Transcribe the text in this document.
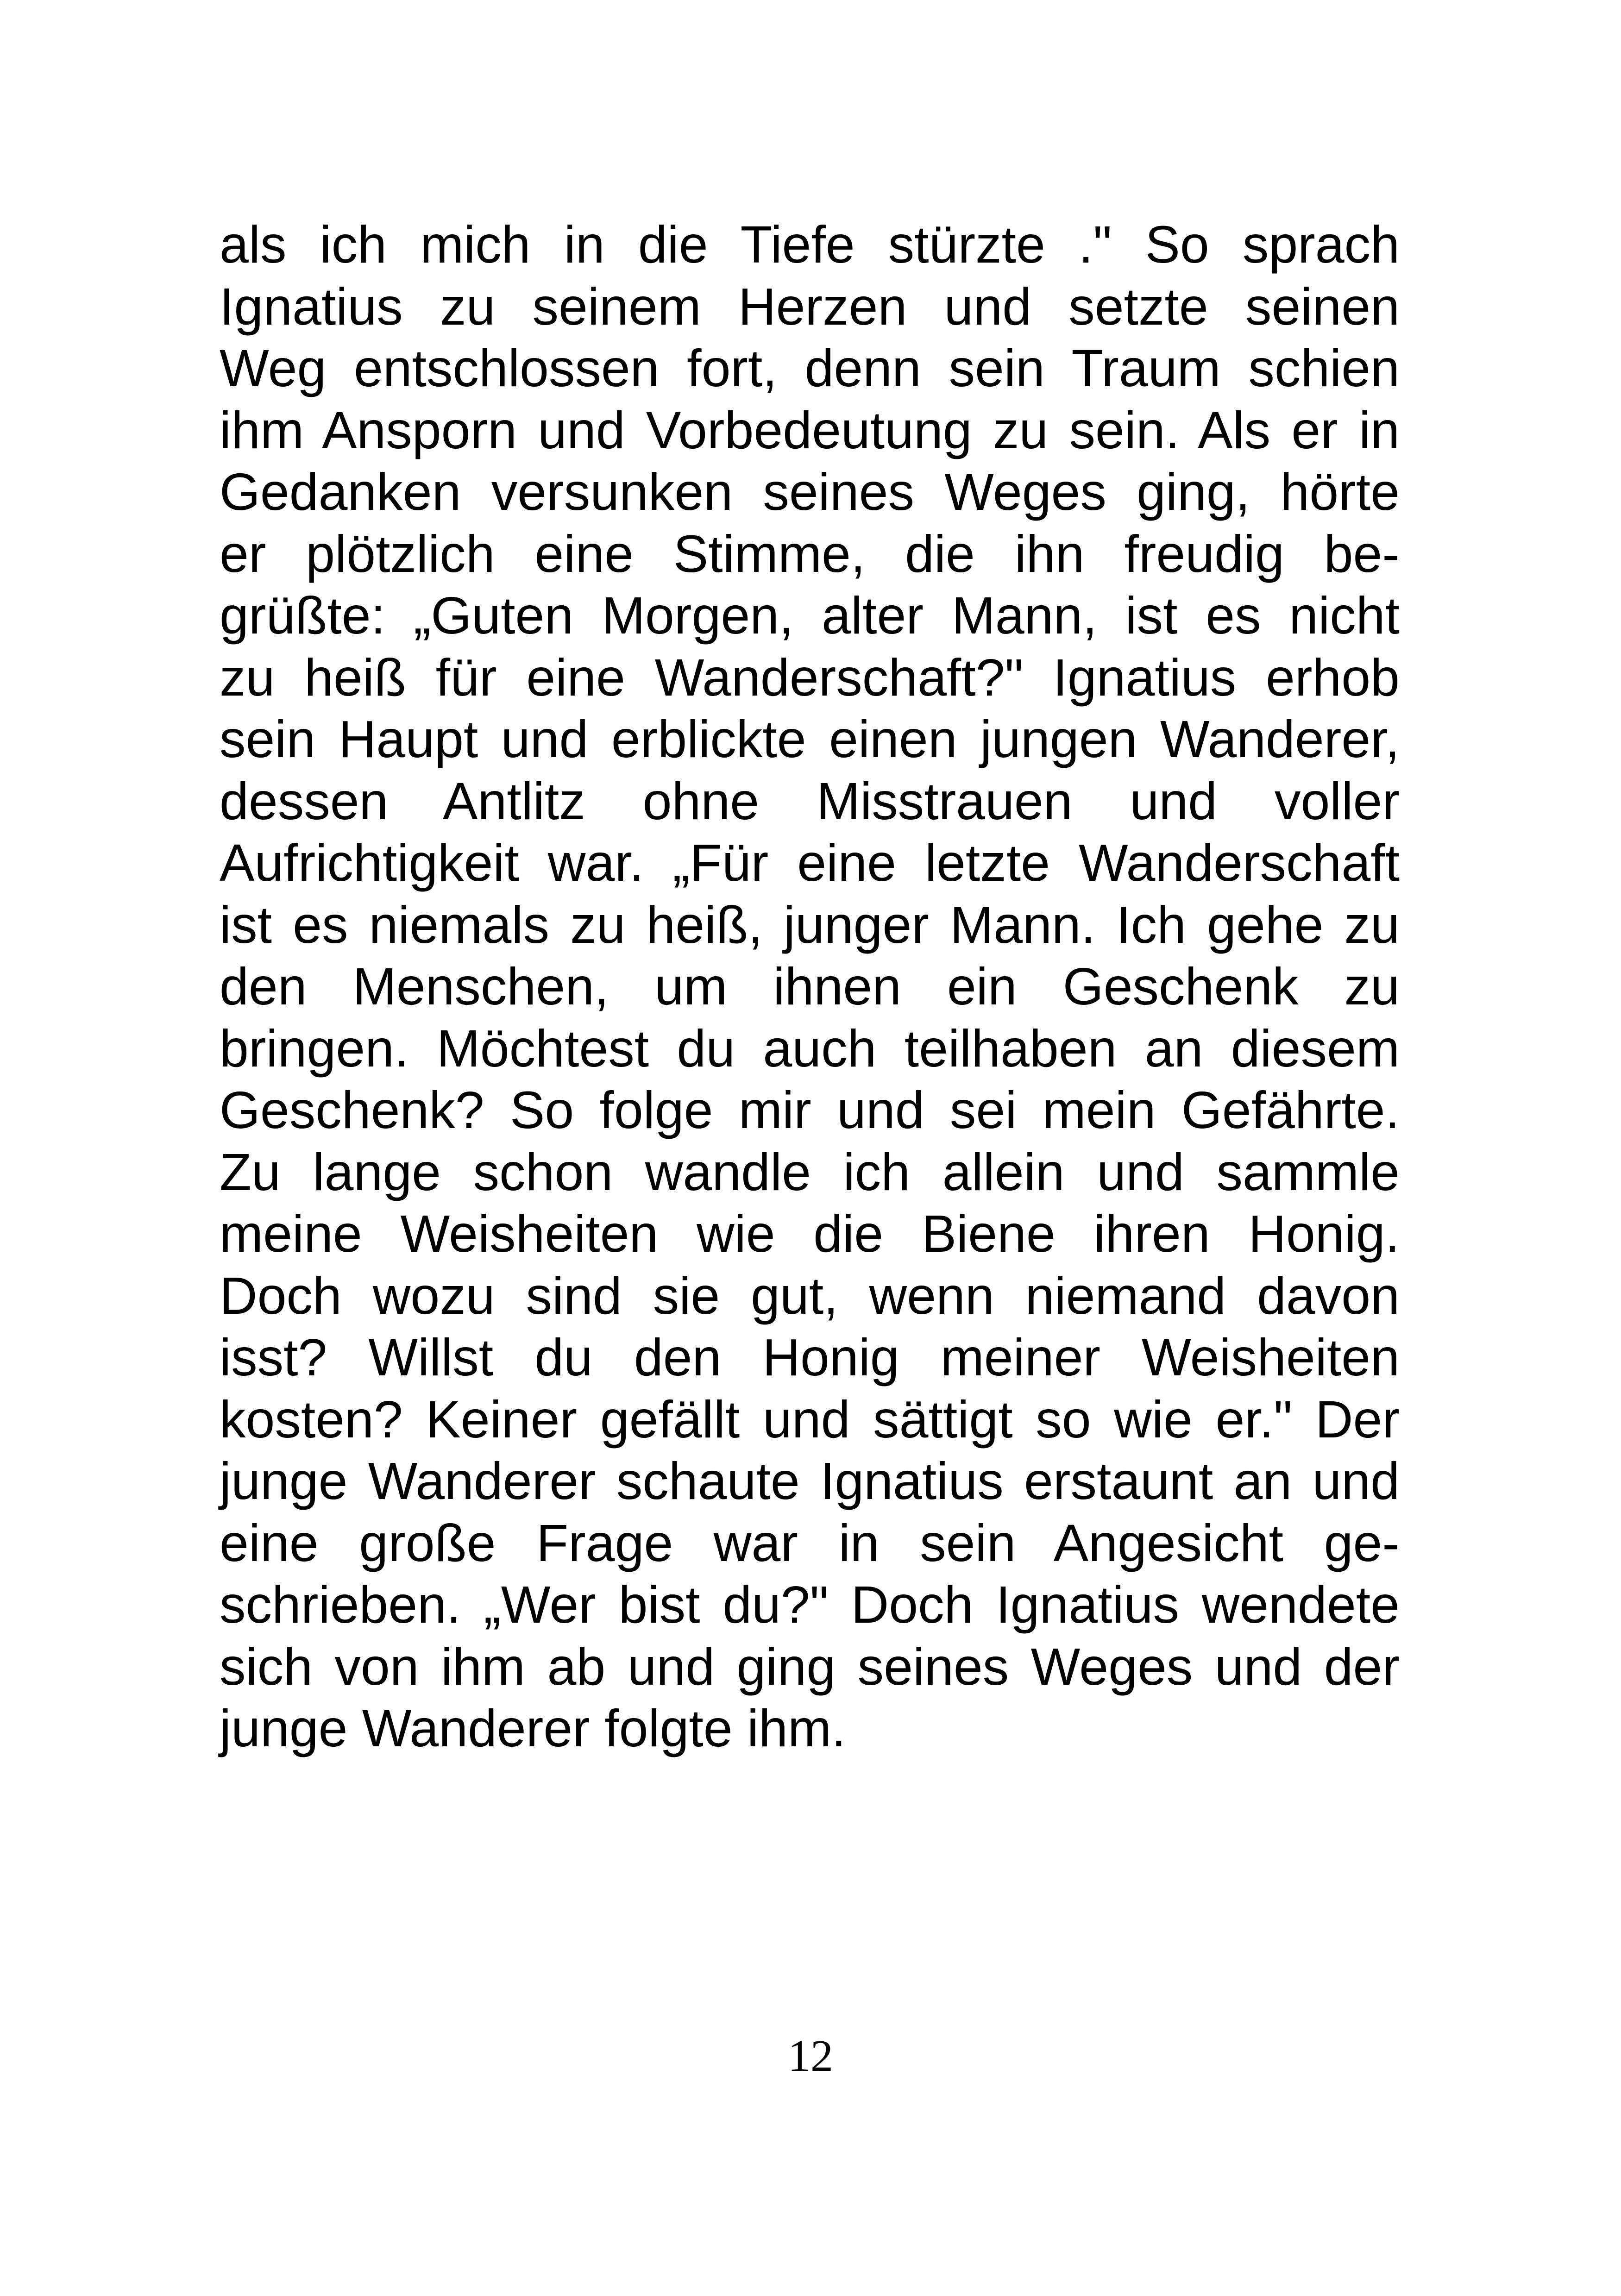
als ich mich in die Tiefe stürzte ." So sprach
Ignatius zu seinem Herzen und setzte seinen
Weg entschlossen fort, denn sein Traum schien
ihm Ansporn und Vorbedeutung zu sein. Als er in
Gedanken versunken seines Weges ging, hörte
er plötzlich eine Stimme, die ihn freudig be-
grüßte: „Guten Morgen, alter Mann, ist es nicht
zu heiß für eine Wanderschaft?" Ignatius erhob
sein Haupt und erblickte einen jungen Wanderer,
dessen Antlitz ohne Misstrauen und voller
Aufrichtigkeit war. „Für eine letzte Wanderschaft
ist es niemals zu heiß, junger Mann. Ich gehe zu
den Menschen, um ihnen ein Geschenk zu
bringen. Möchtest du auch teilhaben an diesem
Geschenk? So folge mir und sei mein Gefährte.
Zu lange schon wandle ich allein und sammle
meine Weisheiten wie die Biene ihren Honig.
Doch wozu sind sie gut, wenn niemand davon
isst? Willst du den Honig meiner Weisheiten
kosten? Keiner gefällt und sättigt so wie er." Der
junge Wanderer schaute Ignatius erstaunt an und
eine große Frage war in sein Angesicht ge-
schrieben. „Wer bist du?" Doch Ignatius wendete
sich von ihm ab und ging seines Weges und der
junge Wanderer folgte ihm.
12
